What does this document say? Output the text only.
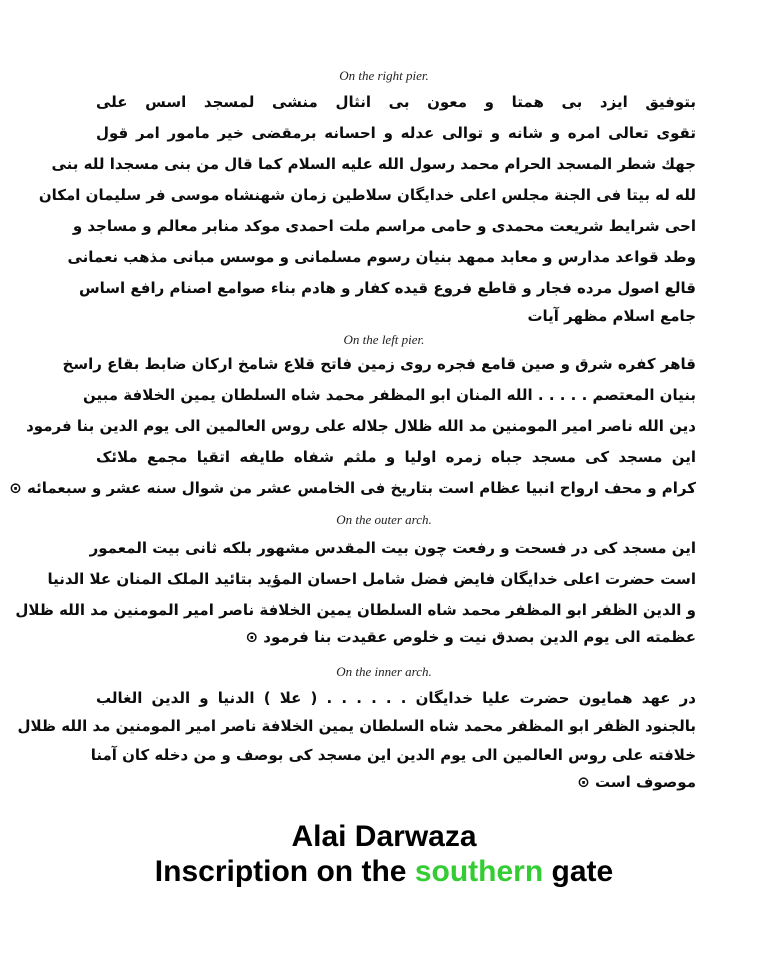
On the right pier.
بتوفیق ایزد بی همتا و معون بی انثال منشی لمسجد اسس علی
تقوی تعالی امره و شانه و توالی عدله و احسانه برمقضی خیر مامور امر قول
جهك شطر المسجد الحرام محمد رسول الله علیه السلام كما قال من بنی مسجدا لله بنی
لله له بیتا فی الجنة مجلس اعلی خدایگان سلاطین زمان شهنشاه موسی فر سلیمان امکان
احی شرایط شریعت محمدی و حامی مراسم ملت احمدی موکد منابر معالم و مساجد و
وطد قواعد مدارس و معابد ممهد بنیان رسوم مسلمانی و موسس مبانی مذهب نعمانی
قالع اصول مرده فجار و قاطع فروع قیده کفار و هادم بناء صوامع اصنام رافع اساس
جامع اسلام مظهر آیات
On the left pier.
قاهر کفره شرق و صین قامع فجره روی زمین فاتح قلاع شامخ ارکان ضابط بقاع راسخ
بنیان المعتصم . . . . . الله المنان ابو المظفر محمد شاه السلطان یمین الخلافة مبین
دین الله ناصر امیر المومنین مد الله ظلال جلاله علی روس العالمین الی یوم الدین بنا فرمود
این مسجد کی مسجد جباه زمره اولیا و ملثم شفاه طایفه اتقیا مجمع ملائک
کرام و محف ارواح انبیا عظام است بتاریخ فی الخامس عشر من شوال سنه عشر و سبعمائه ⊙
On the outer arch.
این مسجد کی در فسحت و رفعت چون بیت المقدس مشهور بلکه ثانی بیت المعمور
است حضرت اعلی خدایگان فایض فضل شامل احسان المؤید بتائید الملک المنان علا الدنیا
و الدین الظفر ابو المظفر محمد شاه السلطان یمین الخلافة ناصر امیر المومنین مد الله ظلال
عظمته الی یوم الدین بصدق نیت و خلوص عقیدت بنا فرمود ⊙
On the inner arch.
در عهد همایون حضرت علیا خدایگان . . . . . . ( علا ) الدنیا و الدین الغالب
بالجنود الظفر ابو المظفر محمد شاه السلطان یمین الخلافة ناصر امیر المومنین مد الله ظلال
خلافته علی روس العالمین الی یوم الدین این مسجد کی بوصف و من دخله کان آمنا
موصوف است ⊙
Alai Darwaza
Inscription on the southern gate
